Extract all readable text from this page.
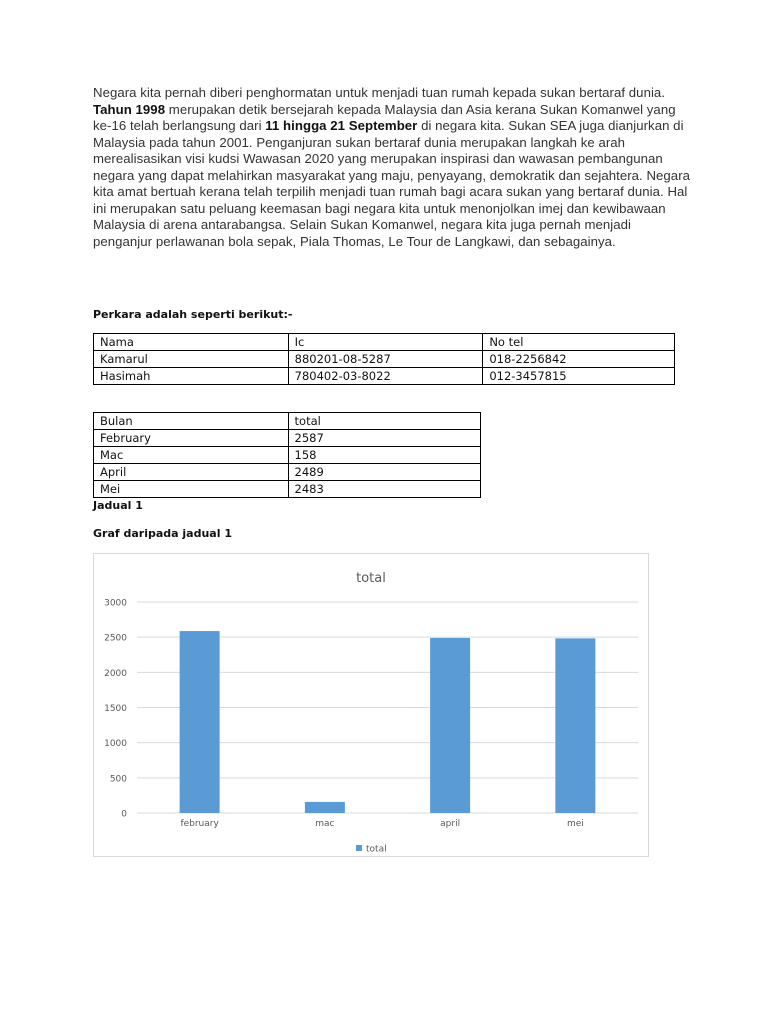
Negara kita pernah diberi penghormatan untuk menjadi tuan rumah kepada sukan bertaraf dunia. Tahun 1998 merupakan detik bersejarah kepada Malaysia dan Asia kerana Sukan Komanwel yang ke-16 telah berlangsung dari 11 hingga 21 September di negara kita. Sukan SEA juga dianjurkan di Malaysia pada tahun 2001. Penganjuran sukan bertaraf dunia merupakan langkah ke arah merealisasikan visi kudsi Wawasan 2020 yang merupakan inspirasi dan wawasan pembangunan negara yang dapat melahirkan masyarakat yang maju, penyayang, demokratik dan sejahtera. Negara kita amat bertuah kerana telah terpilih menjadi tuan rumah bagi acara sukan yang bertaraf dunia. Hal ini merupakan satu peluang keemasan bagi negara kita untuk menonjolkan imej dan kewibawaan Malaysia di arena antarabangsa. Selain Sukan Komanwel, negara kita juga pernah menjadi penganjur perlawanan bola sepak, Piala Thomas, Le Tour de Langkawi, dan sebagainya.

Perkara adalah seperti berikut:-

Nama	Ic	No tel
Kamarul	880201-08-5287	018-2256842
Hasimah	780402-03-8022	012-3457815
Bulan	total
February	2587
Mac	158
April	2489
Mei	2483

Jadual 1

Graf daripada jadual 1

total
0
500
1000
1500
2000
2500
3000
february	mac	april	mei
total
